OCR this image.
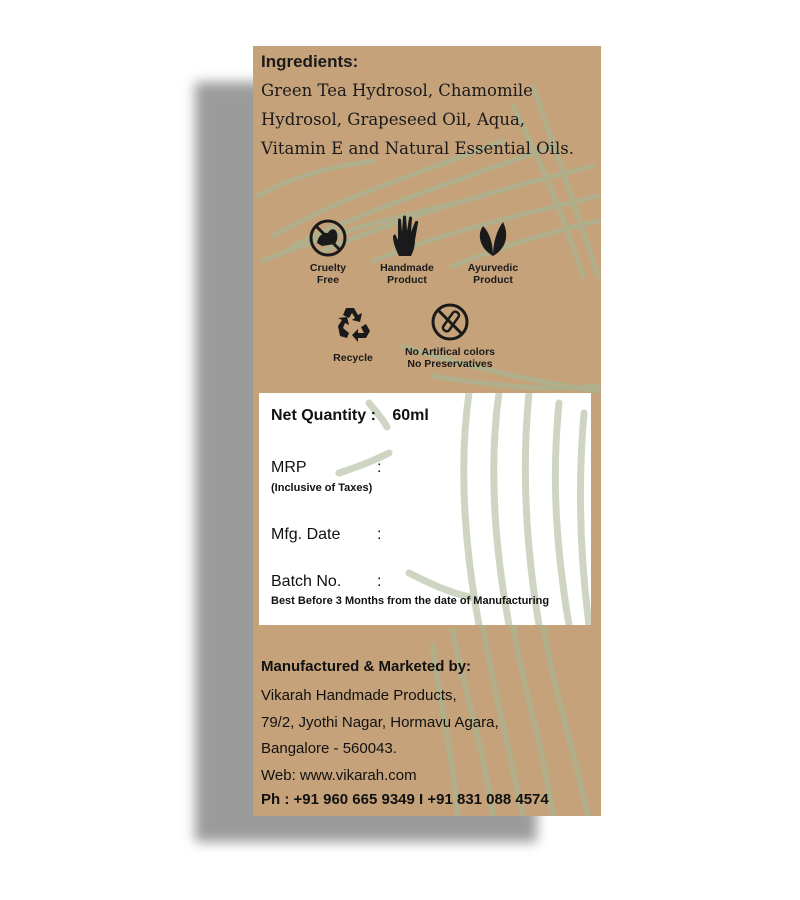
Ingredients:
Green Tea Hydrosol, Chamomile
Hydrosol, Grapeseed Oil, Aqua,
Vitamin E and Natural Essential Oils.
Cruelty
Free
Handmade
Product
Ayurvedic
Product
Recycle	No Artifical colors
No Preservatives
Net Quantity : 60ml
MRP	:
(Inclusive of Taxes)
Mfg. Date :
Batch No. :
Best Before 3 Months from the date of Manufacturing
Manufactured & Marketed by:
Vikarah Handmade Products,
79/2, Jyothi Nagar, Hormavu Agara,
Bangalore - 560043.
Web: www.vikarah.com
Ph : +91 960 665 9349 I +91 831 088 4574
